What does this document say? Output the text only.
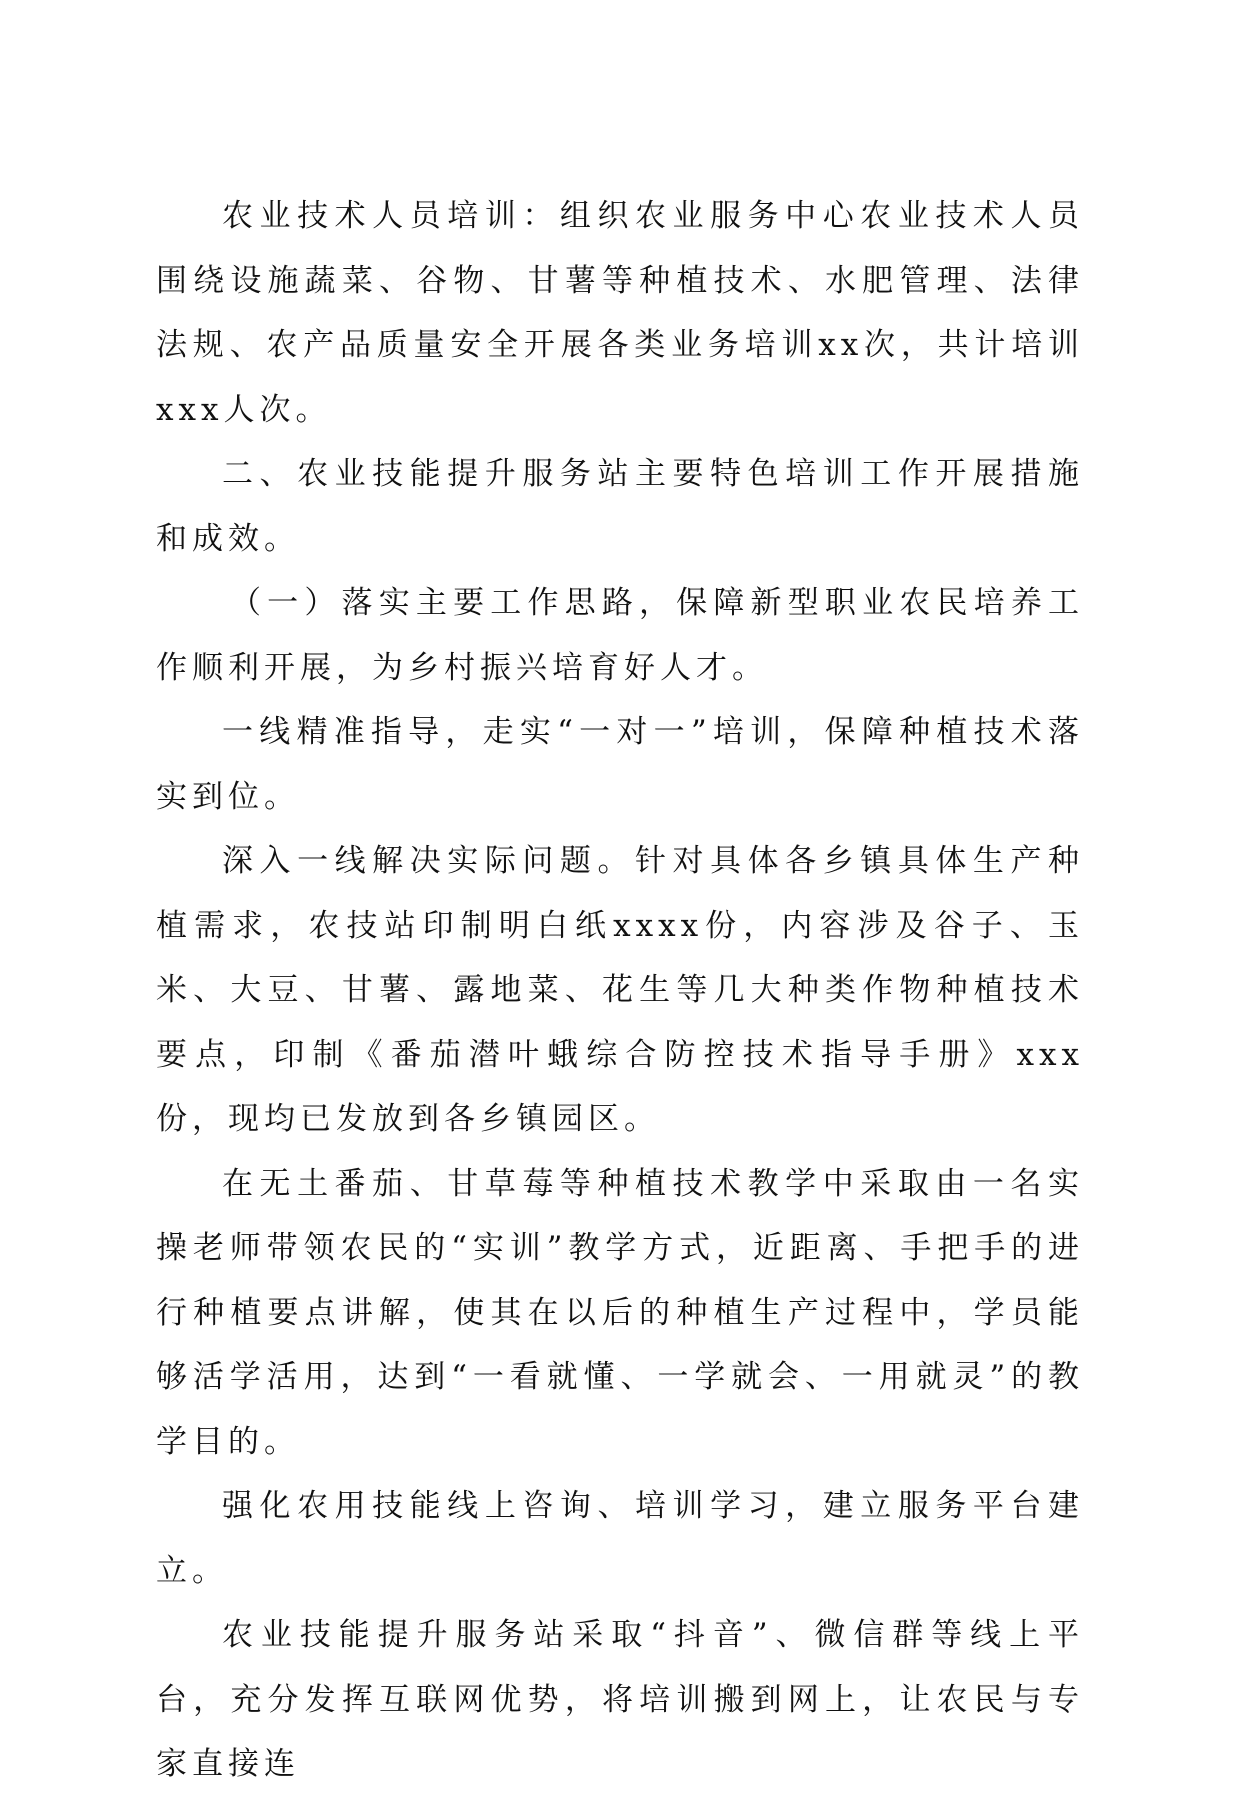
农业技术人员培训：组织农业服务中心农业技术人员围绕设施蔬菜、谷物、甘薯等种植技术、水肥管理、法律法规、农产品质量安全开展各类业务培训xx次，共计培训xxx人次。

二、农业技能提升服务站主要特色培训工作开展措施和成效。

（一）落实主要工作思路，保障新型职业农民培养工作顺利开展，为乡村振兴培育好人才。

一线精准指导，走实“一对一”培训，保障种植技术落实到位。

深入一线解决实际问题。针对具体各乡镇具体生产种植需求，农技站印制明白纸xxxx份，内容涉及谷子、玉米、大豆、甘薯、露地菜、花生等几大种类作物种植技术要点，印制《番茄潜叶蛾综合防控技术指导手册》xxx份，现均已发放到各乡镇园区。

在无土番茄、甘草莓等种植技术教学中采取由一名实操老师带领农民的“实训”教学方式，近距离、手把手的进行种植要点讲解，使其在以后的种植生产过程中，学员能够活学活用，达到“一看就懂、一学就会、一用就灵”的教学目的。

强化农用技能线上咨询、培训学习，建立服务平台建立。

农业技能提升服务站采取“抖音”、微信群等线上平台，充分发挥互联网优势，将培训搬到网上，让农民与专家直接连
